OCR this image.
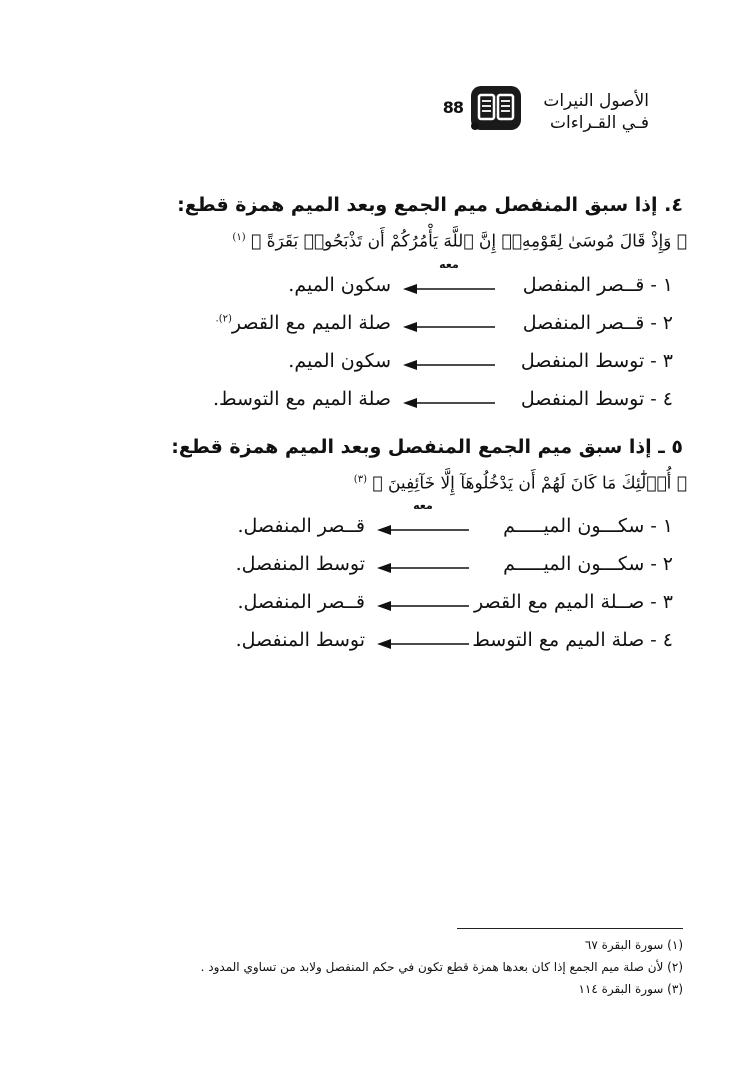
الأصول النيرات
فـي القـراءات
88
٤. إذا سبق المنفصل ميم الجمع وبعد الميم همزة قطع:
﴿ وَإِذْ قَالَ مُوسَىٰ لِقَوْمِهِۦٓ إِنَّ ٱللَّهَ يَأْمُرُكُمْ أَن تَذْبَحُوا۟ بَقَرَةً ﴾ $^{(١)}$
١ - قــصر المنفصل
معه
سكون الميم.
٢ - قــصر المنفصل
صلة الميم مع القصر$^{(٢).}$
٣ - توسط المنفصل
سكون الميم.
٤ - توسط المنفصل
صلة الميم مع التوسط.
٥ ـ إذا سبق ميم الجمع المنفصل وبعد الميم همزة قطع:
﴿ أُو۟لَٰٓئِكَ مَا كَانَ لَهُمْ أَن يَدْخُلُوهَآ إِلَّا خَآئِفِينَ ﴾ $^{(٣)}$
١ - سكـــون الميـــــم
معه
قــصر المنفصل.
٢ - سكـــون الميـــــم
توسط المنفصل.
٣ - صــلة الميم مع القصر
قــصر المنفصل.
٤ - صلة الميم مع التوسط
توسط المنفصل.
(١) سورة البقرة ٦٧
(٢) لأن صلة ميم الجمع إذا كان بعدها همزة قطع تكون في حكم المنفصل ولابد من تساوي المدود .
(٣) سورة البقرة ١١٤
